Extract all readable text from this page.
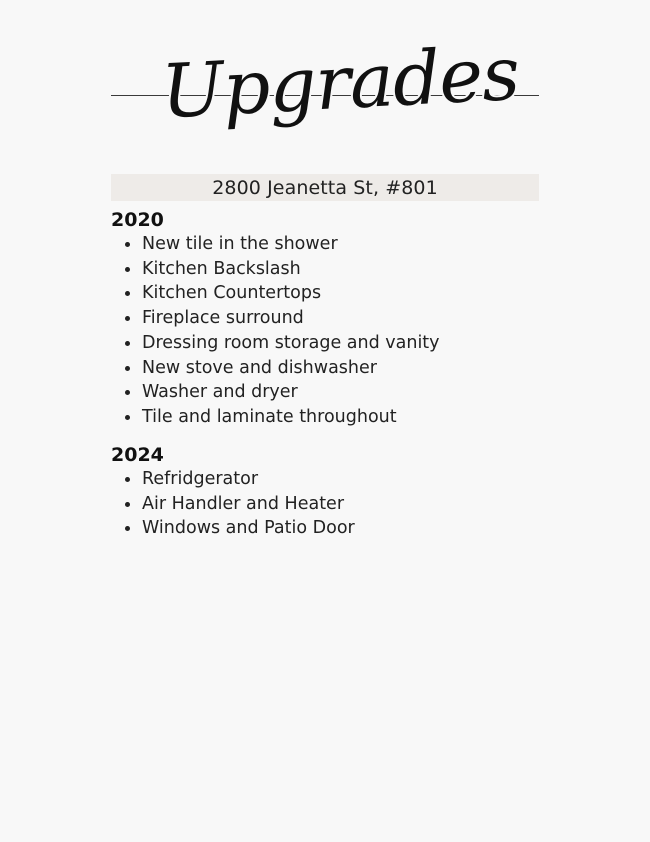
Upgrades
2800 Jeanetta St, #801
2020
New tile in the shower
Kitchen Backslash
Kitchen Countertops
Fireplace surround
Dressing room storage and vanity
New stove and dishwasher
Washer and dryer
Tile and laminate throughout
2024
Refridgerator
Air Handler and Heater
Windows and Patio Door
